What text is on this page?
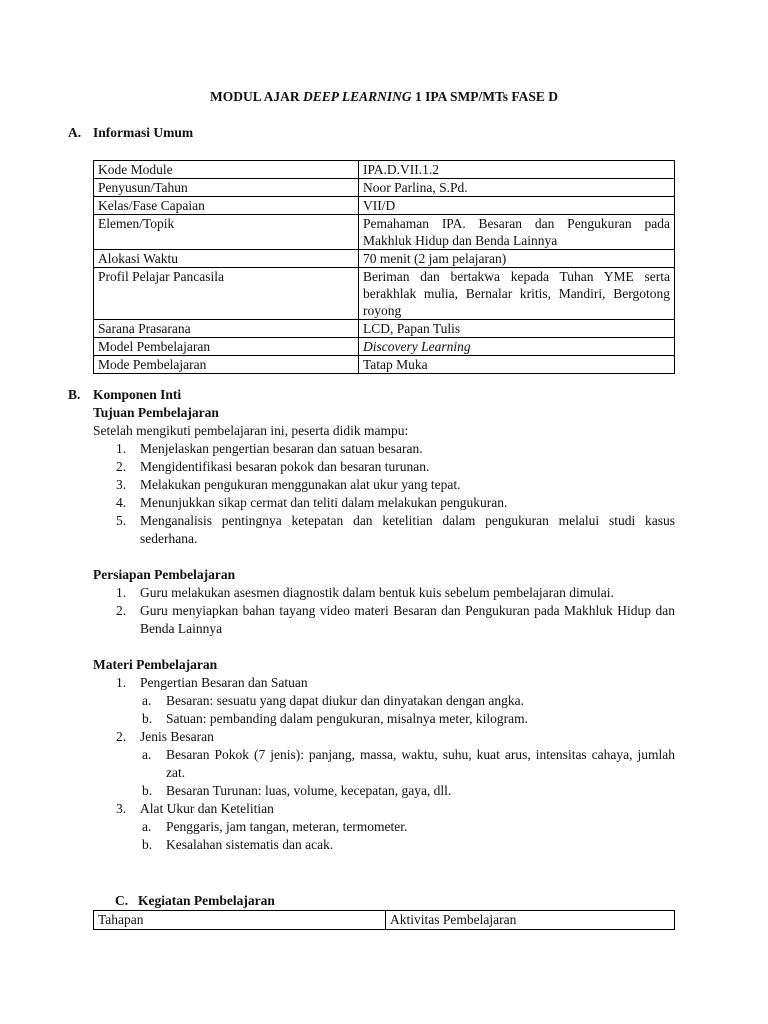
MODUL AJAR DEEP LEARNING 1 IPA SMP/MTs FASE D
A. Informasi Umum
Kode Module	IPA.D.VII.1.2
Penyusun/Tahun	Noor Parlina, S.Pd.
Kelas/Fase Capaian	VII/D
Elemen/Topik	Pemahaman IPA. Besaran dan Pengukuran pada Makhluk Hidup dan Benda Lainnya
Alokasi Waktu	70 menit (2 jam pelajaran)
Profil Pelajar Pancasila	Beriman dan bertakwa kepada Tuhan YME serta berakhlak mulia, Bernalar kritis, Mandiri, Bergotong royong
Sarana Prasarana	LCD, Papan Tulis
Model Pembelajaran	Discovery Learning
Mode Pembelajaran	Tatap Muka
B. Komponen Inti
Tujuan Pembelajaran
Setelah mengikuti pembelajaran ini, peserta didik mampu:
1. Menjelaskan pengertian besaran dan satuan besaran.
2. Mengidentifikasi besaran pokok dan besaran turunan.
3. Melakukan pengukuran menggunakan alat ukur yang tepat.
4. Menunjukkan sikap cermat dan teliti dalam melakukan pengukuran.
5. Menganalisis pentingnya ketepatan dan ketelitian dalam pengukuran melalui studi kasus sederhana.
Persiapan Pembelajaran
1. Guru melakukan asesmen diagnostik dalam bentuk kuis sebelum pembelajaran dimulai.
2. Guru menyiapkan bahan tayang video materi Besaran dan Pengukuran pada Makhluk Hidup dan Benda Lainnya
Materi Pembelajaran
1. Pengertian Besaran dan Satuan
a. Besaran: sesuatu yang dapat diukur dan dinyatakan dengan angka.
b. Satuan: pembanding dalam pengukuran, misalnya meter, kilogram.
2. Jenis Besaran
a. Besaran Pokok (7 jenis): panjang, massa, waktu, suhu, kuat arus, intensitas cahaya, jumlah zat.
b. Besaran Turunan: luas, volume, kecepatan, gaya, dll.
3. Alat Ukur dan Ketelitian
a. Penggaris, jam tangan, meteran, termometer.
b. Kesalahan sistematis dan acak.
C. Kegiatan Pembelajaran
Tahapan	Aktivitas Pembelajaran
